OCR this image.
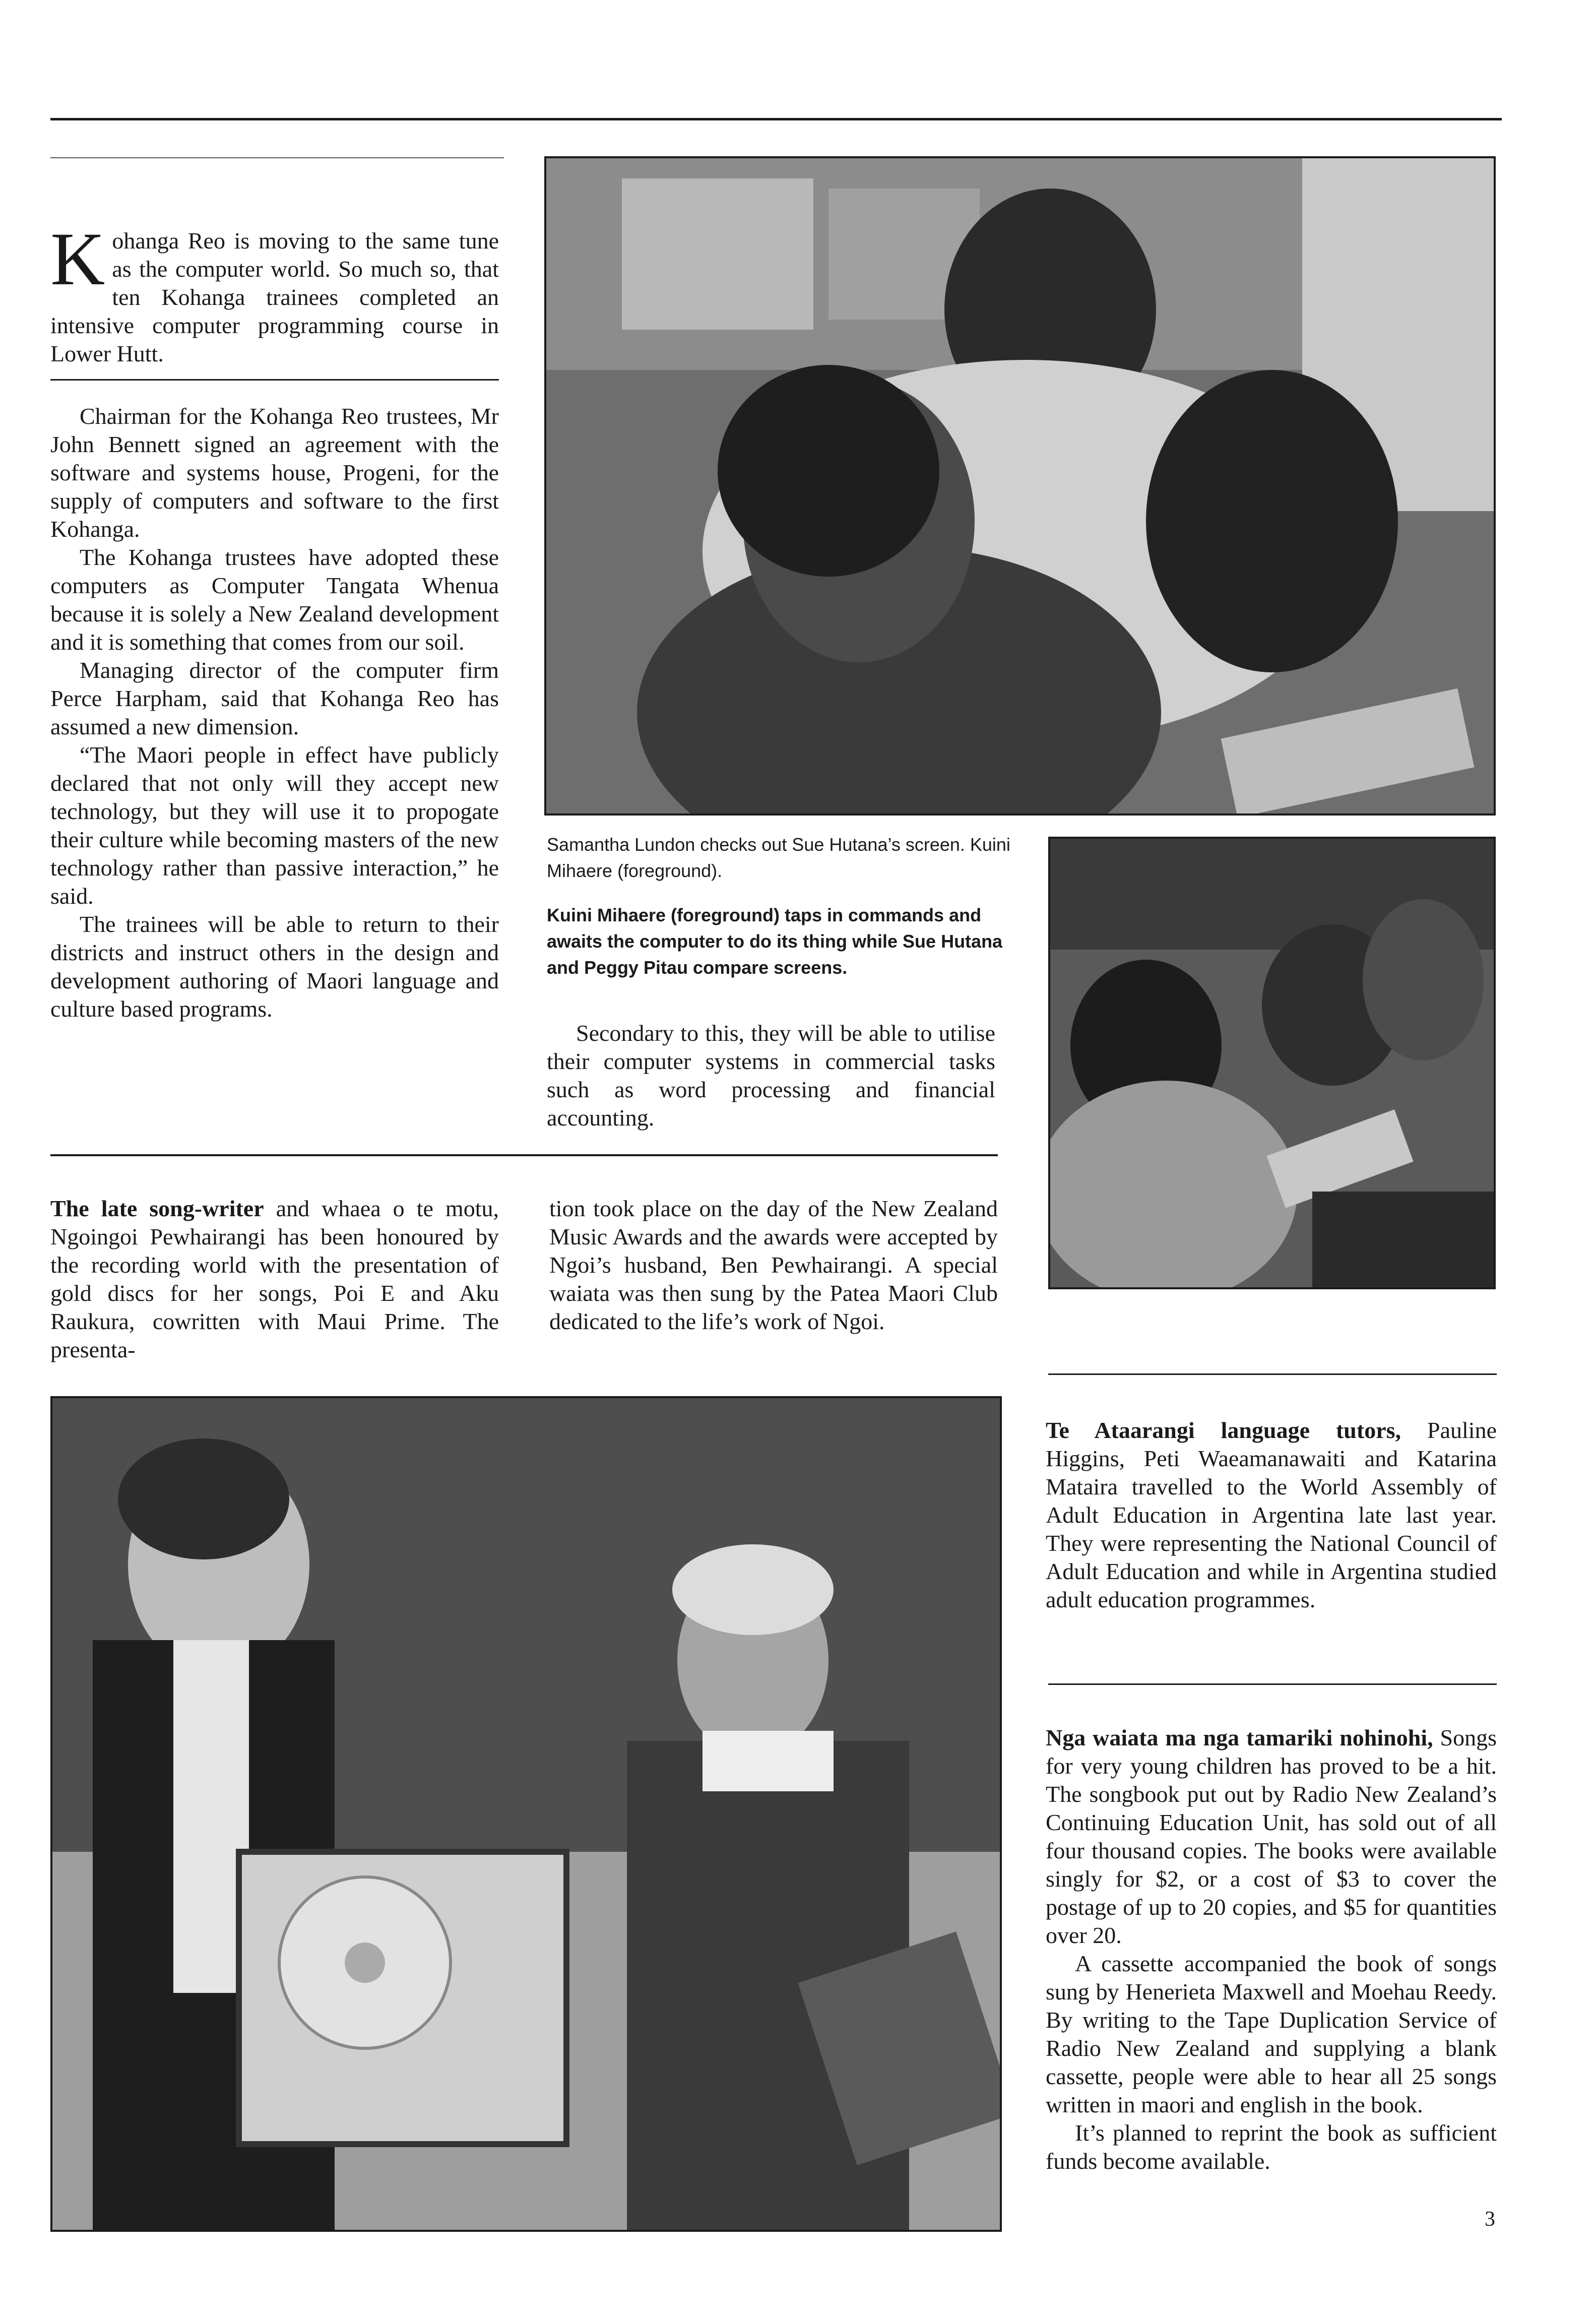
Kohanga Reo is moving to the same tune as the computer world. So much so, that ten Kohanga trainees completed an intensive computer programming course in Lower Hutt.

Chairman for the Kohanga Reo trustees, Mr John Bennett signed an agreement with the software and systems house, Progeni, for the supply of computers and software to the first Kohanga.

The Kohanga trustees have adopted these computers as Computer Tangata Whenua because it is solely a New Zealand development and it is something that comes from our soil.

Managing director of the computer firm Perce Harpham, said that Kohanga Reo has assumed a new dimension.

“The Maori people in effect have publicly declared that not only will they accept new technology, but they will use it to propogate their culture while becoming masters of the new technology rather than passive interaction,” he said.

The trainees will be able to return to their districts and instruct others in the design and development authoring of Maori language and culture based programs.

Samantha Lundon checks out Sue Hutana’s screen. Kuini Mihaere (foreground).

Kuini Mihaere (foreground) taps in commands and awaits the computer to do its thing while Sue Hutana and Peggy Pitau compare screens.

Secondary to this, they will be able to utilise their computer systems in commercial tasks such as word processing and financial accounting.

The late song-writer and whaea o te motu, Ngoingoi Pewhairangi has been honoured by the recording world with the presentation of gold discs for her songs, Poi E and Aku Raukura, cowritten with Maui Prime. The presenta-

tion took place on the day of the New Zealand Music Awards and the awards were accepted by Ngoi’s husband, Ben Pewhairangi. A special waiata was then sung by the Patea Maori Club dedicated to the life’s work of Ngoi.

Te Ataarangi language tutors, Pauline Higgins, Peti Waeamanawaiti and Katarina Mataira travelled to the World Assembly of Adult Education in Argentina late last year. They were representing the National Council of Adult Education and while in Argentina studied adult education programmes.

Nga waiata ma nga tamariki nohinohi, Songs for very young children has proved to be a hit. The songbook put out by Radio New Zealand’s Continuing Education Unit, has sold out of all four thousand copies. The books were available singly for $2, or a cost of $3 to cover the postage of up to 20 copies, and $5 for quantities over 20.

A cassette accompanied the book of songs sung by Henerieta Maxwell and Moehau Reedy. By writing to the Tape Duplication Service of Radio New Zealand and supplying a blank cassette, people were able to hear all 25 songs written in maori and english in the book.

It’s planned to reprint the book as sufficient funds become available.

3
